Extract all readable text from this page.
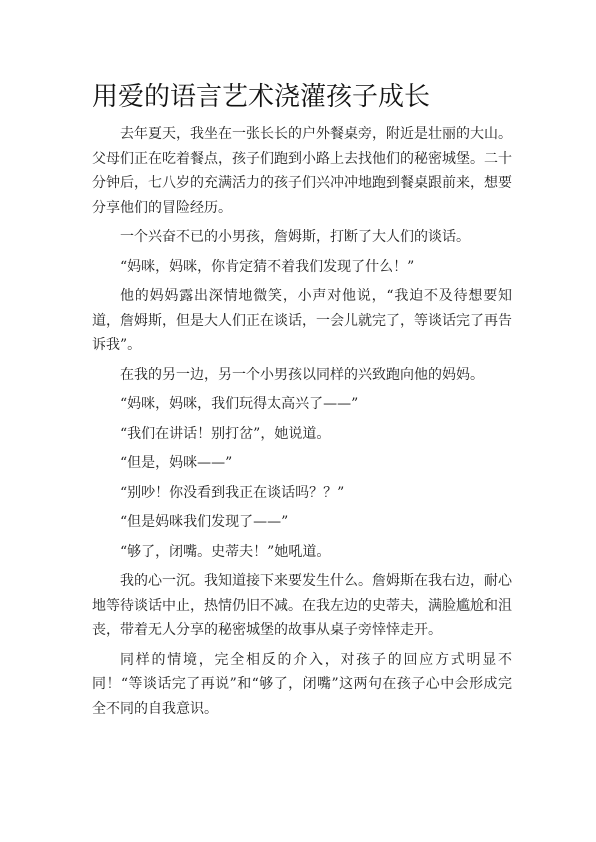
用爱的语言艺术浇灌孩子成长

去年夏天，我坐在一张长长的户外餐桌旁，附近是壮丽的大山。父母们正在吃着餐点，孩子们跑到小路上去找他们的秘密城堡。二十分钟后，七八岁的充满活力的孩子们兴冲冲地跑到餐桌跟前来，想要分享他们的冒险经历。

一个兴奋不已的小男孩，詹姆斯，打断了大人们的谈话。

“妈咪，妈咪，你肯定猜不着我们发现了什么！”

他的妈妈露出深情地微笑，小声对他说，“我迫不及待想要知道，詹姆斯，但是大人们正在谈话，一会儿就完了，等谈话完了再告诉我”。

在我的另一边，另一个小男孩以同样的兴致跑向他的妈妈。

“妈咪，妈咪，我们玩得太高兴了——”

“我们在讲话！别打岔”，她说道。

“但是，妈咪——”

“别吵！你没看到我正在谈话吗？？”

“但是妈咪我们发现了——”

“够了，闭嘴。史蒂夫！”她吼道。

我的心一沉。我知道接下来要发生什么。詹姆斯在我右边，耐心地等待谈话中止，热情仍旧不减。在我左边的史蒂夫，满脸尴尬和沮丧，带着无人分享的秘密城堡的故事从桌子旁悻悻走开。

同样的情境，完全相反的介入，对孩子的回应方式明显不同！“等谈话完了再说”和“够了，闭嘴”这两句在孩子心中会形成完全不同的自我意识。
